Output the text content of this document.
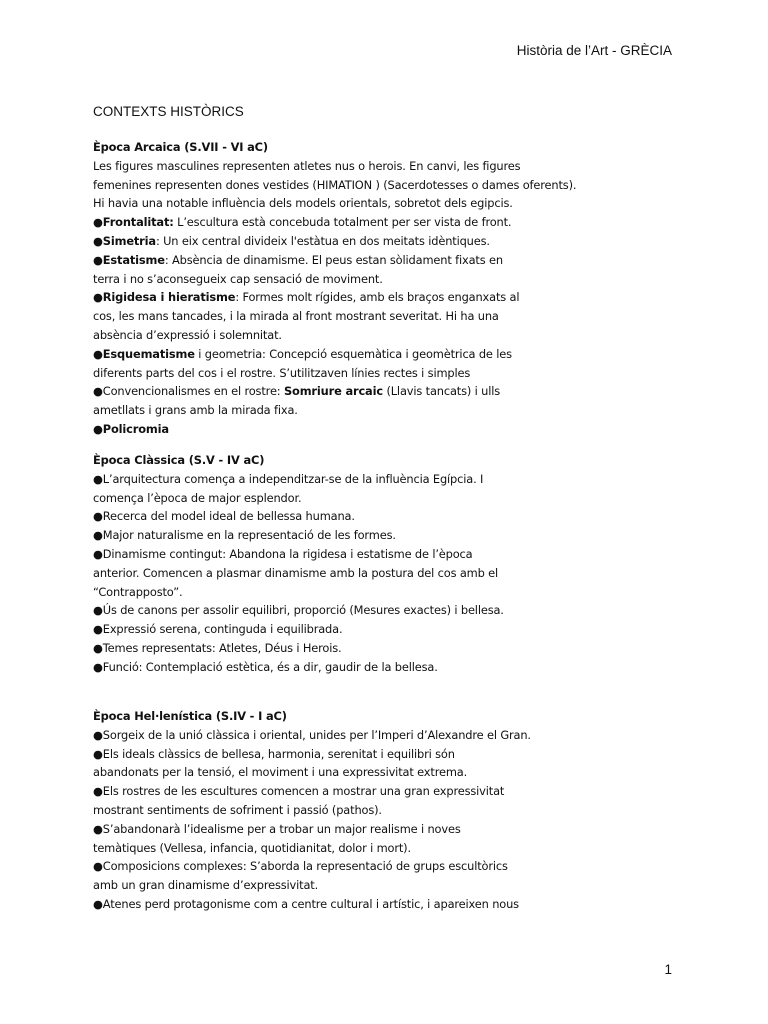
Història de l’Art - GRÈCIA
CONTEXTS HISTÒRICS
Època Arcaica (S.VII - VI aC)
Les figures masculines representen atletes nus o herois. En canvi, les figures
femenines representen dones vestides (HIMATION ) (Sacerdotesses o dames oferents).
Hi havia una notable influència dels models orientals, sobretot dels egipcis.
●Frontalitat: L’escultura està concebuda totalment per ser vista de front.
●Simetria: Un eix central divideix l'estàtua en dos meitats idèntiques.
●Estatisme: Absència de dinamisme. El peus estan sòlidament fixats en
terra i no s’aconsegueix cap sensació de moviment.
●Rigidesa i hieratisme: Formes molt rígides, amb els braços enganxats al
cos, les mans tancades, i la mirada al front mostrant severitat. Hi ha una
absència d’expressió i solemnitat.
●Esquematisme i geometria: Concepció esquemàtica i geomètrica de les
diferents parts del cos i el rostre. S’utilitzaven línies rectes i simples
●Convencionalismes en el rostre: Somriure arcaic (Llavis tancats) i ulls
ametllats i grans amb la mirada fixa.
●Policromia
Època Clàssica (S.V - IV aC)
●L’arquitectura comença a independitzar-se de la influència Egípcia. I
comença l’època de major esplendor.
●Recerca del model ideal de bellessa humana.
●Major naturalisme en la representació de les formes.
●Dinamisme contingut: Abandona la rigidesa i estatisme de l’època
anterior. Comencen a plasmar dinamisme amb la postura del cos amb el
“Contrapposto”.
●Ús de canons per assolir equilibri, proporció (Mesures exactes) i bellesa.
●Expressió serena, continguda i equilibrada.
●Temes representats: Atletes, Déus i Herois.
●Funció: Contemplació estètica, és a dir, gaudir de la bellesa.
Època Hel·lenística (S.IV - I aC)
●Sorgeix de la unió clàssica i oriental, unides per l’Imperi d’Alexandre el Gran.
●Els ideals clàssics de bellesa, harmonia, serenitat i equilibri són
abandonats per la tensió, el moviment i una expressivitat extrema.
●Els rostres de les escultures comencen a mostrar una gran expressivitat
mostrant sentiments de sofriment i passió (pathos).
●S’abandonarà l’idealisme per a trobar un major realisme i noves
temàtiques (Vellesa, infancia, quotidianitat, dolor i mort).
●Composicions complexes: S’aborda la representació de grups escultòrics
amb un gran dinamisme d’expressivitat.
●Atenes perd protagonisme com a centre cultural i artístic, i apareixen nous
1
